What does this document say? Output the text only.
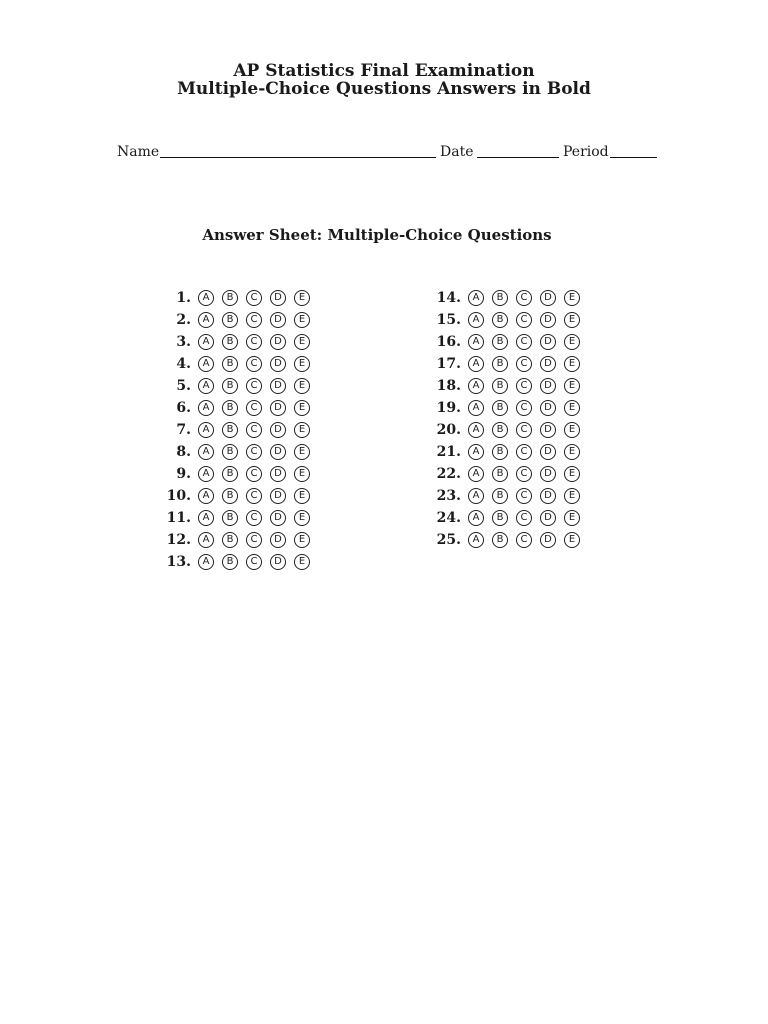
AP Statistics Final Examination
Multiple-Choice Questions Answers in Bold
Name	Date	Period
Answer Sheet: Multiple-Choice Questions
1.	A	B	C	D	E
2.	A	B	C	D	E
3.	A	B	C	D	E
4.	A	B	C	D	E
5.	A	B	C	D	E
6.	A	B	C	D	E
7.	A	B	C	D	E
8.	A	B	C	D	E
9.	A	B	C	D	E
10.	A	B	C	D	E
11.	A	B	C	D	E
12.	A	B	C	D	E
13.	A	B	C	D	E
14.	A	B	C	D	E
15.	A	B	C	D	E
16.	A	B	C	D	E
17.	A	B	C	D	E
18.	A	B	C	D	E
19.	A	B	C	D	E
20.	A	B	C	D	E
21.	A	B	C	D	E
22.	A	B	C	D	E
23.	A	B	C	D	E
24.	A	B	C	D	E
25.	A	B	C	D	E
